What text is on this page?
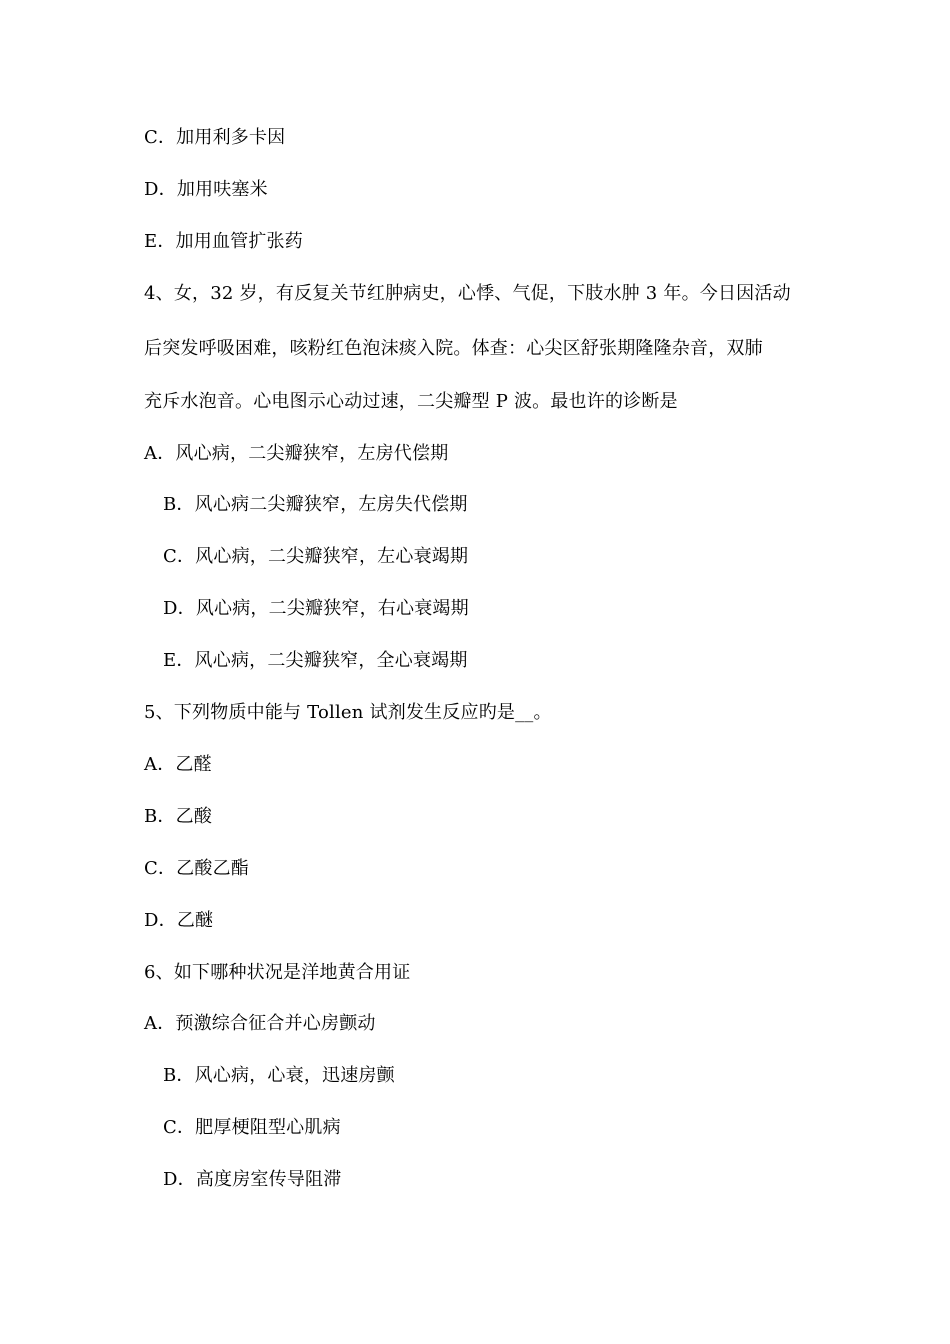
C．加用利多卡因
D．加用呋塞米
E．加用血管扩张药
4、女，32 岁，有反复关节红肿病史，心悸、气促，下肢水肿 3 年。今日因活动
后突发呼吸困难，咳粉红色泡沫痰入院。体查：心尖区舒张期隆隆杂音，双肺
充斥水泡音。心电图示心动过速，二尖瓣型 P 波。最也许的诊断是
A．风心病，二尖瓣狭窄，左房代偿期
B．风心病二尖瓣狭窄，左房失代偿期
C．风心病，二尖瓣狭窄，左心衰竭期
D．风心病，二尖瓣狭窄，右心衰竭期
E．风心病，二尖瓣狭窄，全心衰竭期
5、下列物质中能与 Tollen 试剂发生反应旳是__。
A．乙醛
B．乙酸
C．乙酸乙酯
D．乙醚
6、如下哪种状况是洋地黄合用证
A．预激综合征合并心房颤动
B．风心病，心衰，迅速房颤
C．肥厚梗阻型心肌病
D．高度房室传导阻滞
